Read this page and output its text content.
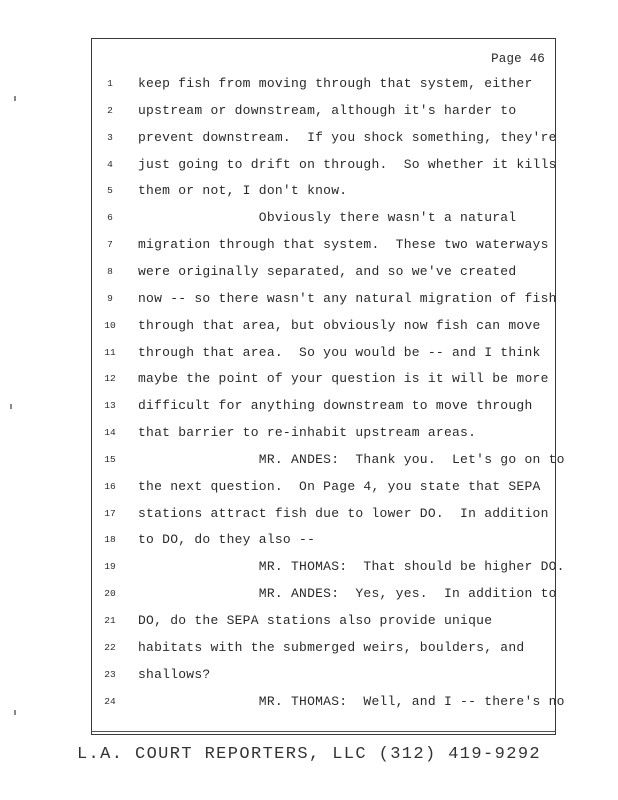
Page 46
1	keep fish from moving through that system, either
2	upstream or downstream, although it's harder to
3	prevent downstream.  If you shock something, they're
4	just going to drift on through.  So whether it kills
5	them or not, I don't know.
6	Obviously there wasn't a natural
7	migration through that system.  These two waterways
8	were originally separated, and so we've created
9	now -- so there wasn't any natural migration of fish
10	through that area, but obviously now fish can move
11	through that area.  So you would be -- and I think
12	maybe the point of your question is it will be more
13	difficult for anything downstream to move through
14	that barrier to re-inhabit upstream areas.
15	MR. ANDES:  Thank you.  Let's go on to
16	the next question.  On Page 4, you state that SEPA
17	stations attract fish due to lower DO.  In addition
18	to DO, do they also --
19	MR. THOMAS:  That should be higher DO.
20	MR. ANDES:  Yes, yes.  In addition to
21	DO, do the SEPA stations also provide unique
22	habitats with the submerged weirs, boulders, and
23	shallows?
24	MR. THOMAS:  Well, and I -- there's no
L.A. COURT REPORTERS, LLC (312) 419-9292
